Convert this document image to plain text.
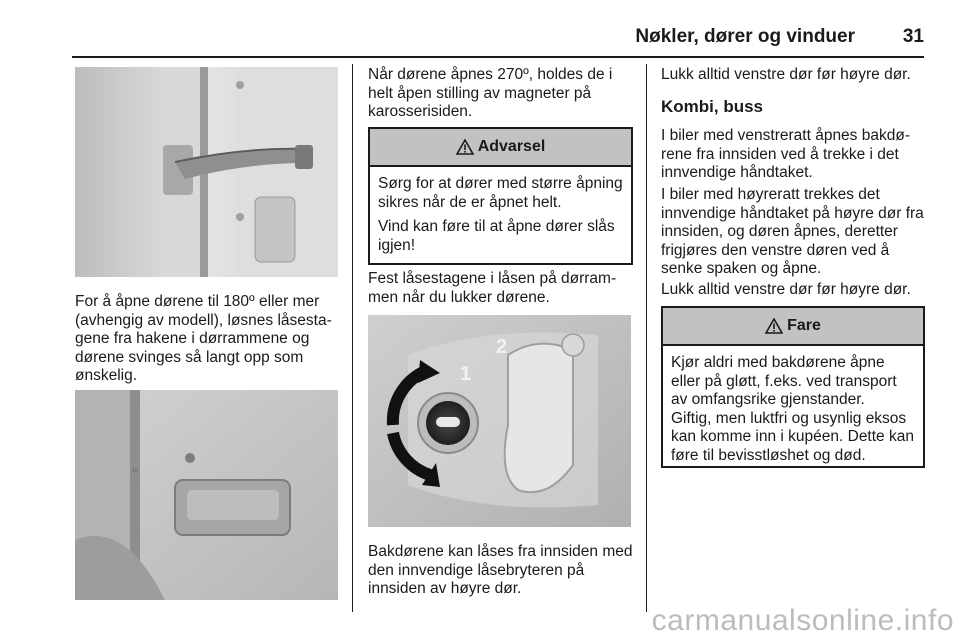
Nøkler, dører og vinduer	31

For å åpne dørene til 180º eller mer (avhengig av modell), løsnes låsesta-gene fra hakene i dørrammene og dørene svinges så langt opp som ønskelig.

Når dørene åpnes 270º, holdes de i helt åpen stilling av magneter på karosserisiden.

Advarsel

Sørg for at dører med større åpning sikres når de er åpnet helt.

Vind kan føre til at åpne dører slås igjen!

Fest låsestagene i låsen på dørram-men når du lukker dørene.

1
2

Bakdørene kan låses fra innsiden med den innvendige låsebryteren på innsiden av høyre dør.

Lukk alltid venstre dør før høyre dør.

Kombi, buss

I biler med venstreratt åpnes bakdø-rene fra innsiden ved å trekke i det innvendige håndtaket.

I biler med høyreratt trekkes det innvendige håndtaket på høyre dør fra innsiden, og døren åpnes, deretter frigjøres den venstre døren ved å senke spaken og åpne.

Lukk alltid venstre dør før høyre dør.

Fare

Kjør aldri med bakdørene åpne eller på gløtt, f.eks. ved transport av omfangsrike gjenstander.

Giftig, men luktfri og usynlig eksos kan komme inn i kupéen. Dette kan føre til bevisstløshet og død.

carmanualsonline.info
